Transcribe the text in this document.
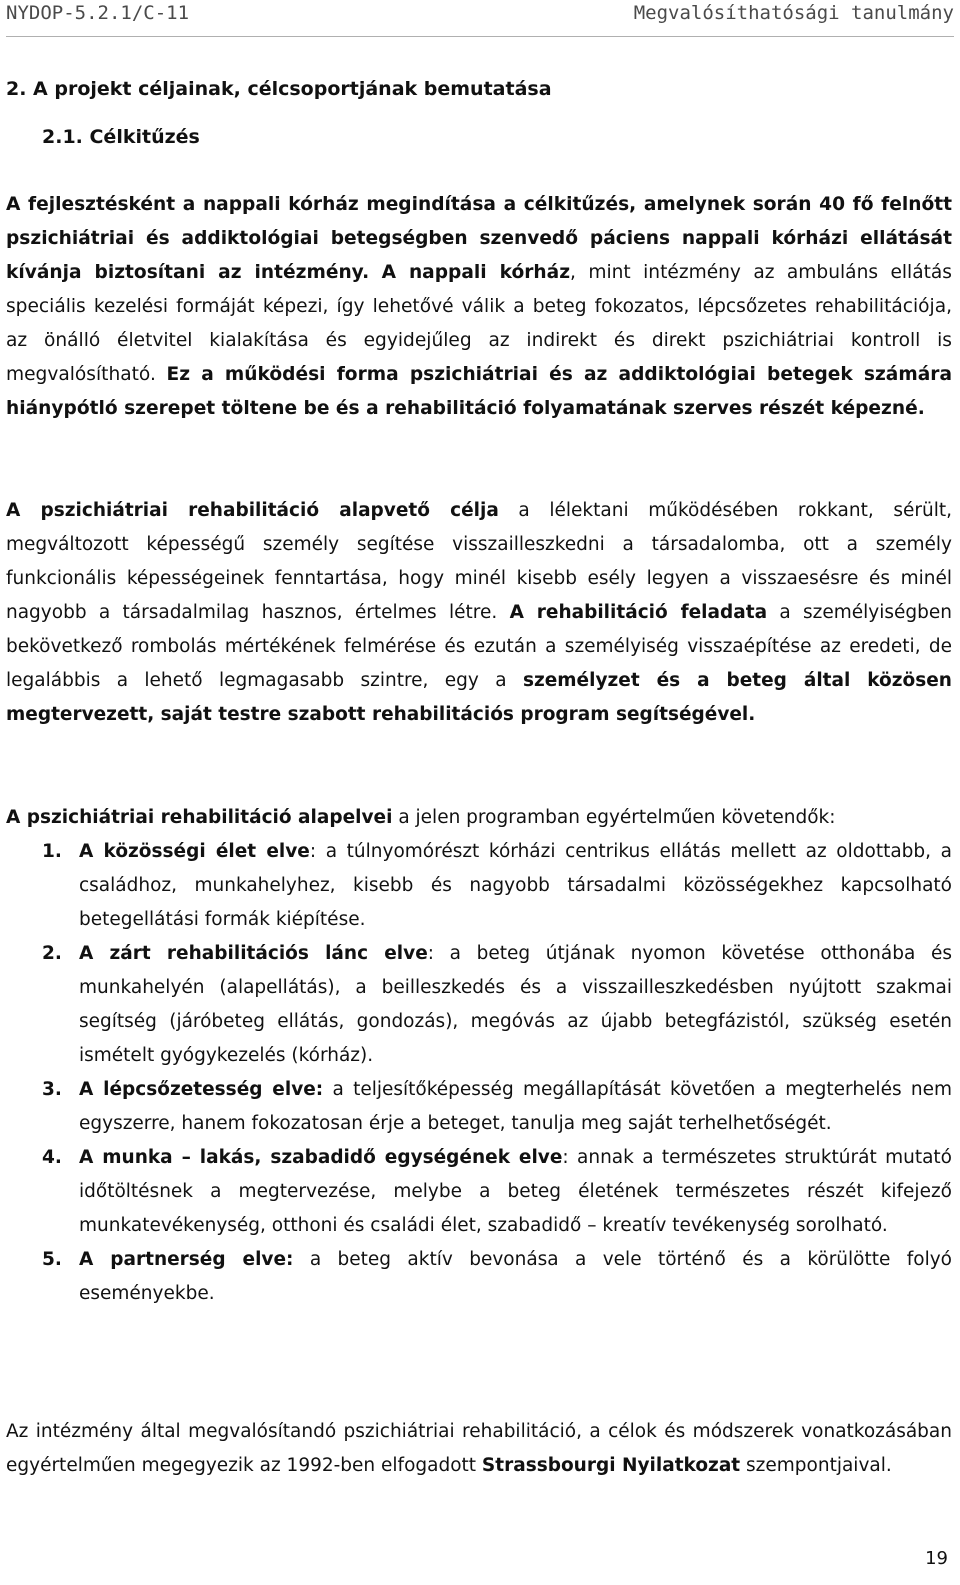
NYDOP-5.2.1/C-11	Megvalósíthatósági tanulmány
2. A projekt céljainak, célcsoportjának bemutatása
2.1. Célkitűzés
A fejlesztésként a nappali kórház megindítása a célkitűzés, amelynek során 40 fő felnőtt pszichiátriai és addiktológiai betegségben szenvedő páciens nappali kórházi ellátását kívánja biztosítani az intézmény. A nappali kórház, mint intézmény az ambuláns ellátás speciális kezelési formáját képezi, így lehetővé válik a beteg fokozatos, lépcsőzetes rehabilitációja, az önálló életvitel kialakítása és egyidejűleg az indirekt és direkt pszichiátriai kontroll is megvalósítható. Ez a működési forma pszichiátriai és az addiktológiai betegek számára hiánypótló szerepet töltene be és a rehabilitáció folyamatának szerves részét képezné.
A pszichiátriai rehabilitáció alapvető célja a lélektani működésében rokkant, sérült, megváltozott képességű személy segítése visszailleszkedni a társadalomba, ott a személy funkcionális képességeinek fenntartása, hogy minél kisebb esély legyen a visszaesésre és minél nagyobb a társadalmilag hasznos, értelmes létre. A rehabilitáció feladata a személyiségben bekövetkező rombolás mértékének felmérése és ezután a személyiség visszaépítése az eredeti, de legalábbis a lehető legmagasabb szintre, egy a személyzet és a beteg által közösen megtervezett, saját testre szabott rehabilitációs program segítségével.
A pszichiátriai rehabilitáció alapelvei a jelen programban egyértelműen követendők:
1. A közösségi élet elve: a túlnyomórészt kórházi centrikus ellátás mellett az oldottabb, a családhoz, munkahelyhez, kisebb és nagyobb társadalmi közösségekhez kapcsolható betegellátási formák kiépítése.
2. A zárt rehabilitációs lánc elve: a beteg útjának nyomon követése otthonába és munkahelyén (alapellátás), a beilleszkedés és a visszailleszkedésben nyújtott szakmai segítség (járóbeteg ellátás, gondozás), megóvás az újabb betegfázistól, szükség esetén ismételt gyógykezelés (kórház).
3. A lépcsőzetesség elve: a teljesítőképesség megállapítását követően a megterhelés nem egyszerre, hanem fokozatosan érje a beteget, tanulja meg saját terhelhetőségét.
4. A munka – lakás, szabadidő egységének elve: annak a természetes struktúrát mutató időtöltésnek a megtervezése, melybe a beteg életének természetes részét kifejező munkatevékenység, otthoni és családi élet, szabadidő – kreatív tevékenység sorolható.
5. A partnerség elve: a beteg aktív bevonása a vele történő és a körülötte folyó eseményekbe.
Az intézmény által megvalósítandó pszichiátriai rehabilitáció, a célok és módszerek vonatkozásában egyértelműen megegyezik az 1992-ben elfogadott Strassbourgi Nyilatkozat szempontjaival.
19
